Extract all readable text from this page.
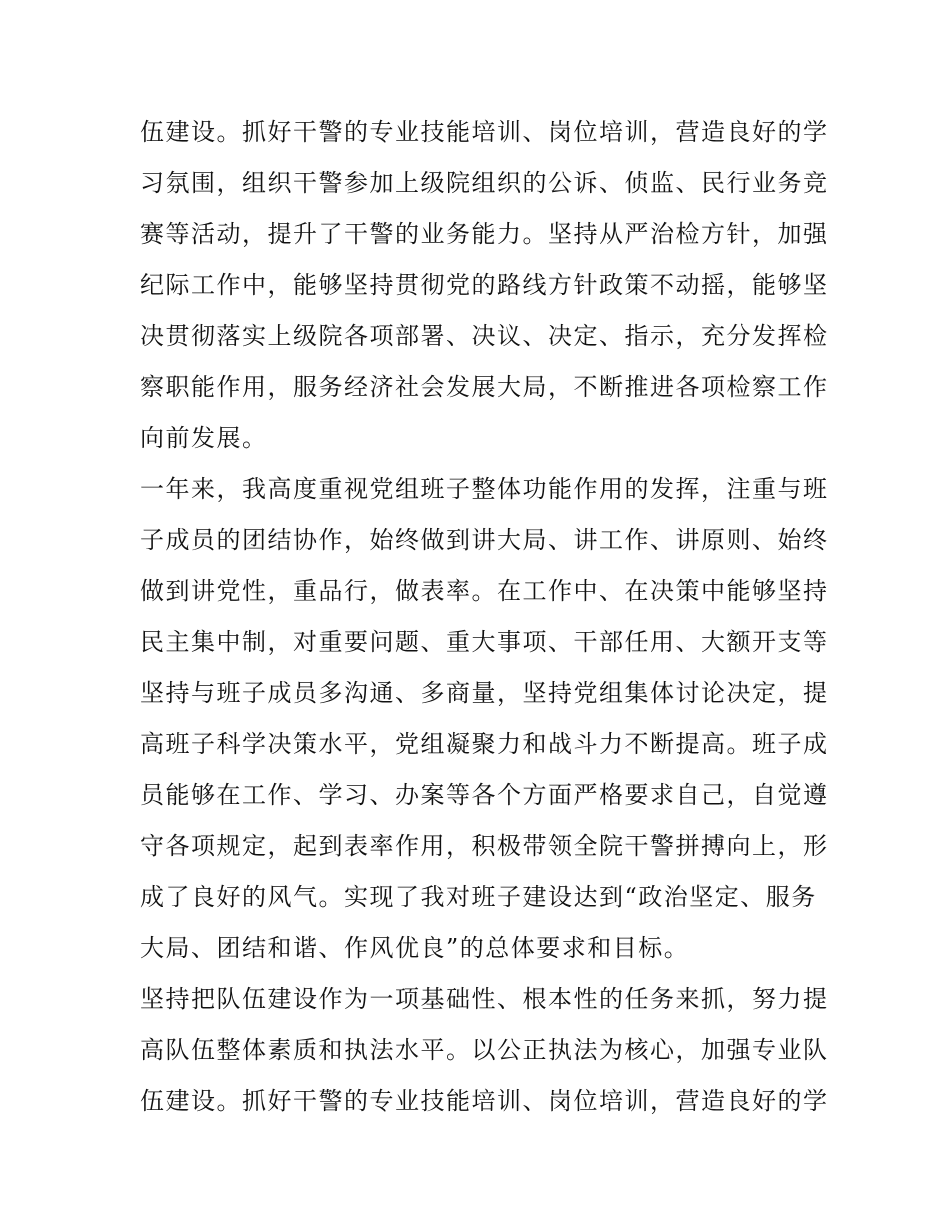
伍建设。抓好干警的专业技能培训、岗位培训，营造良好的学
习氛围，组织干警参加上级院组织的公诉、侦监、民行业务竞
赛等活动，提升了干警的业务能力。坚持从严治检方针，加强
纪际工作中，能够坚持贯彻党的路线方针政策不动摇，能够坚
决贯彻落实上级院各项部署、决议、决定、指示，充分发挥检
察职能作用，服务经济社会发展大局，不断推进各项检察工作
向前发展。
一年来，我高度重视党组班子整体功能作用的发挥，注重与班
子成员的团结协作，始终做到讲大局、讲工作、讲原则、始终
做到讲党性，重品行，做表率。在工作中、在决策中能够坚持
民主集中制，对重要问题、重大事项、干部任用、大额开支等
坚持与班子成员多沟通、多商量，坚持党组集体讨论决定，提
高班子科学决策水平，党组凝聚力和战斗力不断提高。班子成
员能够在工作、学习、办案等各个方面严格要求自己，自觉遵
守各项规定，起到表率作用，积极带领全院干警拼搏向上，形
成了良好的风气。实现了我对班子建设达到“政治坚定、服务
大局、团结和谐、作风优良”的总体要求和目标。
坚持把队伍建设作为一项基础性、根本性的任务来抓，努力提
高队伍整体素质和执法水平。以公正执法为核心，加强专业队
伍建设。抓好干警的专业技能培训、岗位培训，营造良好的学
